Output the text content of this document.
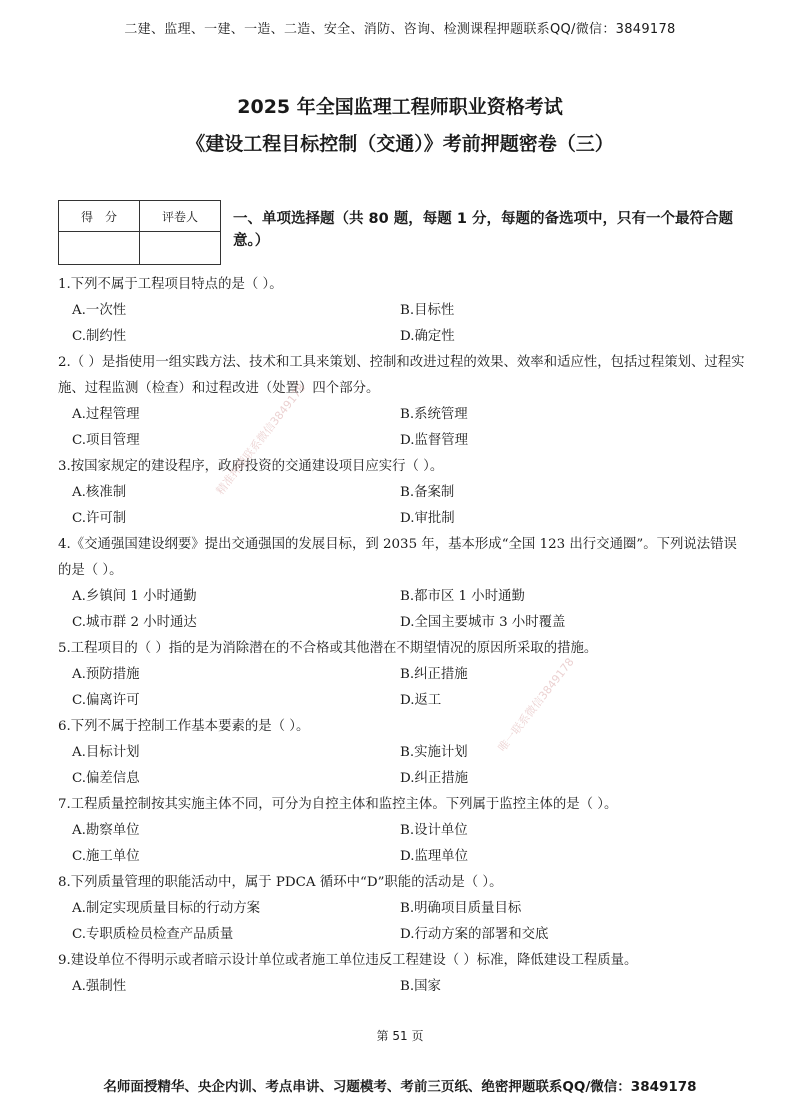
二建、监理、一建、一造、二造、安全、消防、咨询、检测课程押题联系QQ/微信：3849178
2025 年全国监理工程师职业资格考试
《建设工程目标控制（交通）》考前押题密卷（三）
得　分	评卷人
	一、单项选择题（共 80 题，每题 1 分，每题的备选项中，只有一个最符合题意。）
1.下列不属于工程项目特点的是（ ）。
A.一次性	B.目标性
C.制约性	D.确定性
2.（ ）是指使用一组实践方法、技术和工具来策划、控制和改进过程的效果、效率和适应性，包括过程策划、过程实施、过程监测（检查）和过程改进（处置）四个部分。
A.过程管理	B.系统管理
C.项目管理	D.监督管理
3.按国家规定的建设程序，政府投资的交通建设项目应实行（ ）。
A.核准制	B.备案制
C.许可制	D.审批制
4.《交通强国建设纲要》提出交通强国的发展目标，到 2035 年，基本形成“全国 123 出行交通圈”。下列说法错误的是（ ）。
A.乡镇间 1 小时通勤	B.都市区 1 小时通勤
C.城市群 2 小时通达	D.全国主要城市 3 小时覆盖
5.工程项目的（ ）指的是为消除潜在的不合格或其他潜在不期望情况的原因所采取的措施。
A.预防措施	B.纠正措施
C.偏离许可	D.返工
6.下列不属于控制工作基本要素的是（ ）。
A.目标计划	B.实施计划
C.偏差信息	D.纠正措施
7.工程质量控制按其实施主体不同，可分为自控主体和监控主体。下列属于监控主体的是（ ）。
A.勘察单位	B.设计单位
C.施工单位	D.监理单位
8.下列质量管理的职能活动中，属于 PDCA 循环中“D”职能的活动是（ ）。
A.制定实现质量目标的行动方案	B.明确项目质量目标
C.专职质检员检查产品质量	D.行动方案的部署和交底
9.建设单位不得明示或者暗示设计单位或者施工单位违反工程建设（ ）标准，降低建设工程质量。
A.强制性	B.国家
精准押题联系微信3849178
唯一联系微信3849178
第 51 页
名师面授精华、央企内训、考点串讲、习题模考、考前三页纸、绝密押题联系QQ/微信：3849178
